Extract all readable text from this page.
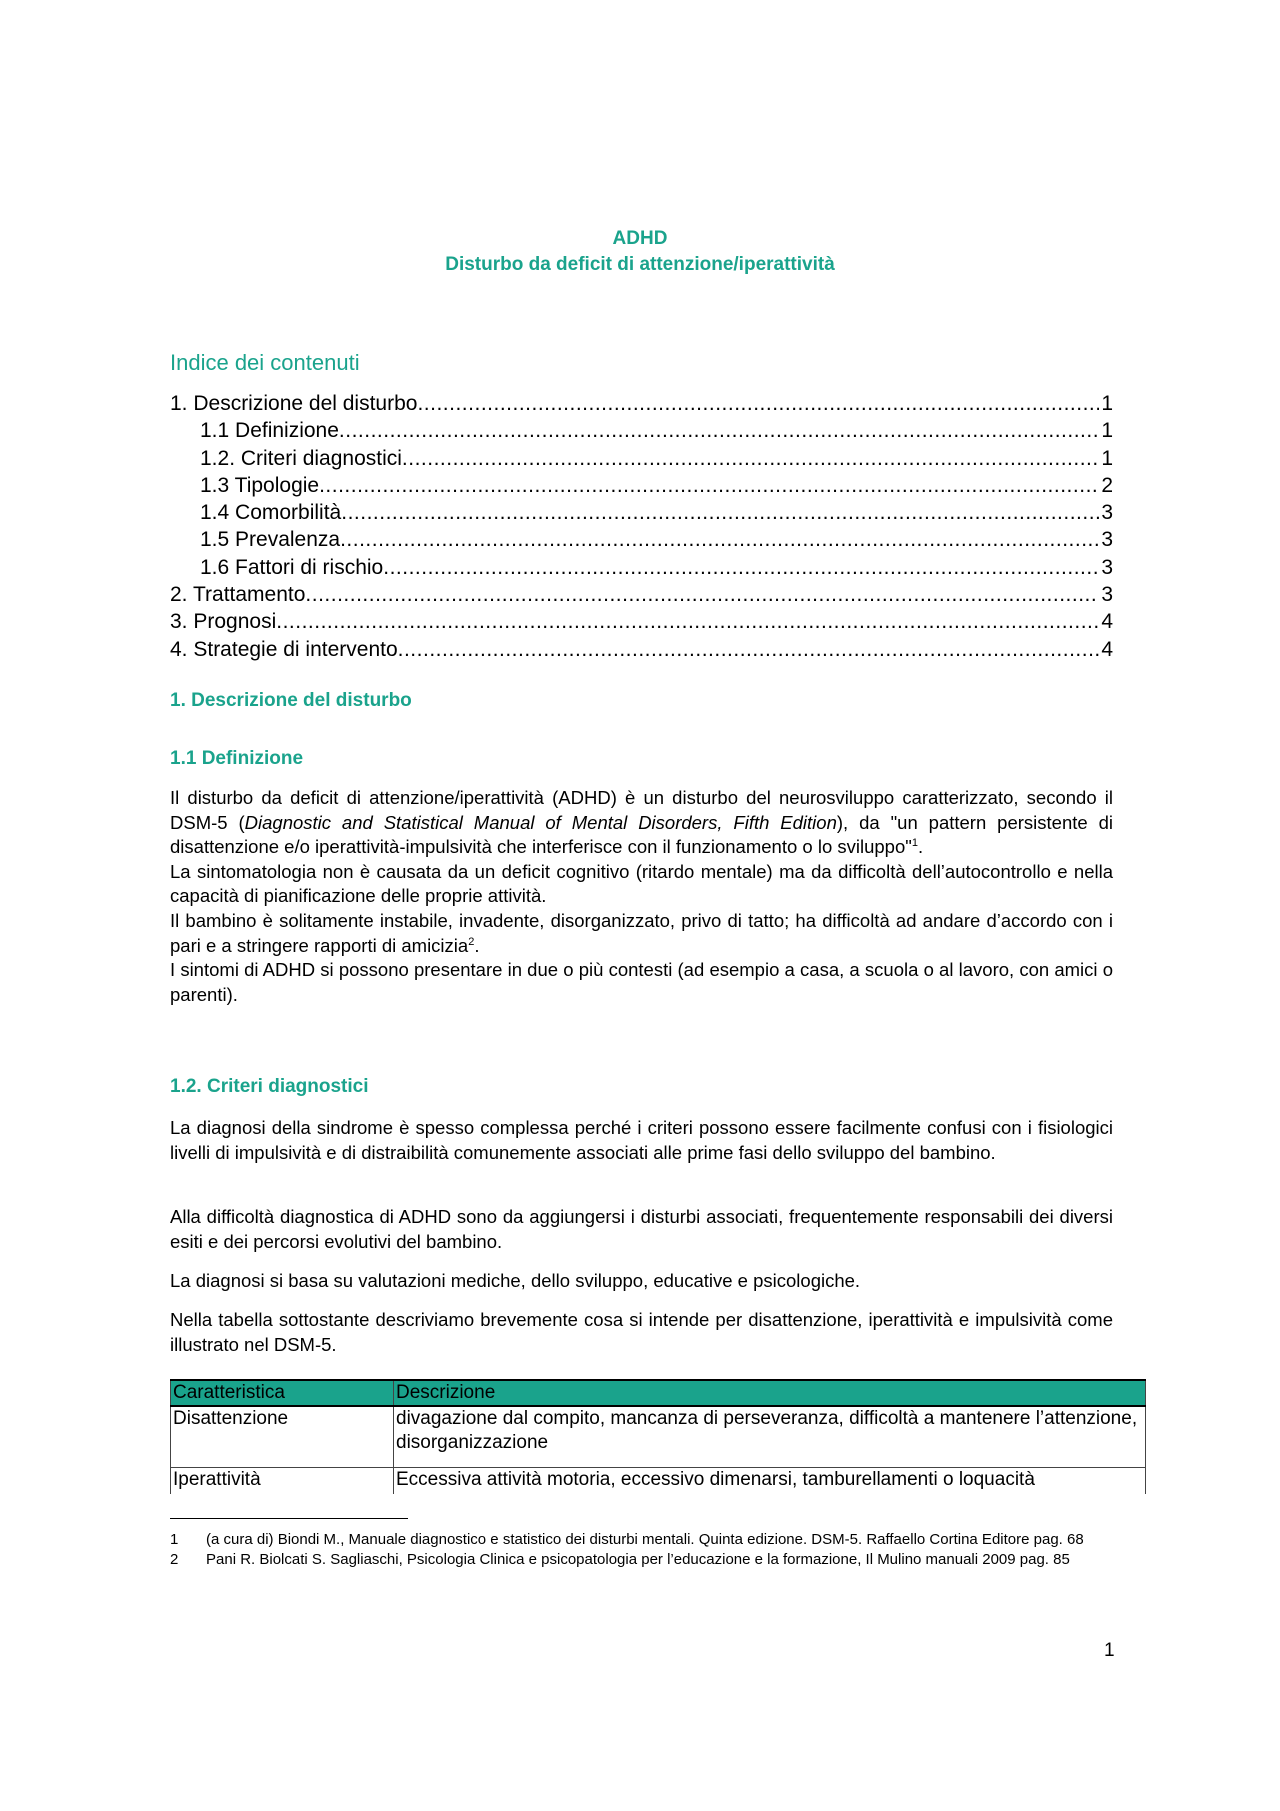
ADHD
Disturbo da deficit di attenzione/iperattività
Indice dei contenuti
1. Descrizione del disturbo .....	1
1.1 Definizione .....	1
1.2. Criteri diagnostici .....	1
1.3 Tipologie .....	2
1.4 Comorbilità .....	3
1.5 Prevalenza .....	3
1.6 Fattori di rischio .....	3
2. Trattamento .....	3
3. Prognosi .....	4
4. Strategie di intervento .....	4
1. Descrizione del disturbo
1.1 Definizione

Il disturbo da deficit di attenzione/iperattività (ADHD) è un disturbo del neurosviluppo caratterizzato, secondo il DSM-5 (Diagnostic and Statistical Manual of Mental Disorders, Fifth Edition), da "un pattern persistente di disattenzione e/o iperattività-impulsività che interferisce con il funzionamento o lo sviluppo"$^1$.

La sintomatologia non è causata da un deficit cognitivo (ritardo mentale) ma da difficoltà dell’autocontrollo e nella capacità di pianificazione delle proprie attività.

Il bambino è solitamente instabile, invadente, disorganizzato, privo di tatto; ha difficoltà ad andare d’accordo con i pari e a stringere rapporti di amicizia$^2$.

I sintomi di ADHD si possono presentare in due o più contesti (ad esempio a casa, a scuola o al lavoro, con amici o parenti).

1.2. Criteri diagnostici
La diagnosi della sindrome è spesso complessa perché i criteri possono essere facilmente confusi con i fisiologici livelli di impulsività e di distraibilità comunemente associati alle prime fasi dello sviluppo del bambino.
Alla difficoltà diagnostica di ADHD sono da aggiungersi i disturbi associati, frequentemente responsabili dei diversi esiti e dei percorsi evolutivi del bambino.
La diagnosi si basa su valutazioni mediche, dello sviluppo, educative e psicologiche.
Nella tabella sottostante descriviamo brevemente cosa si intende per disattenzione, iperattività e impulsività come illustrato nel DSM-5.
Caratteristica	Descrizione
Disattenzione	divagazione dal compito, mancanza di perseveranza, difficoltà a mantenere l’attenzione, disorganizzazione
Iperattività	Eccessiva attività motoria, eccessivo dimenarsi, tamburellamenti o loquacità
1	(a cura di) Biondi M., Manuale diagnostico e statistico dei disturbi mentali. Quinta edizione. DSM-5. Raffaello Cortina Editore pag. 68
2	Pani R. Biolcati S. Sagliaschi, Psicologia Clinica e psicopatologia per l’educazione e la formazione, Il Mulino manuali 2009 pag. 85
1
